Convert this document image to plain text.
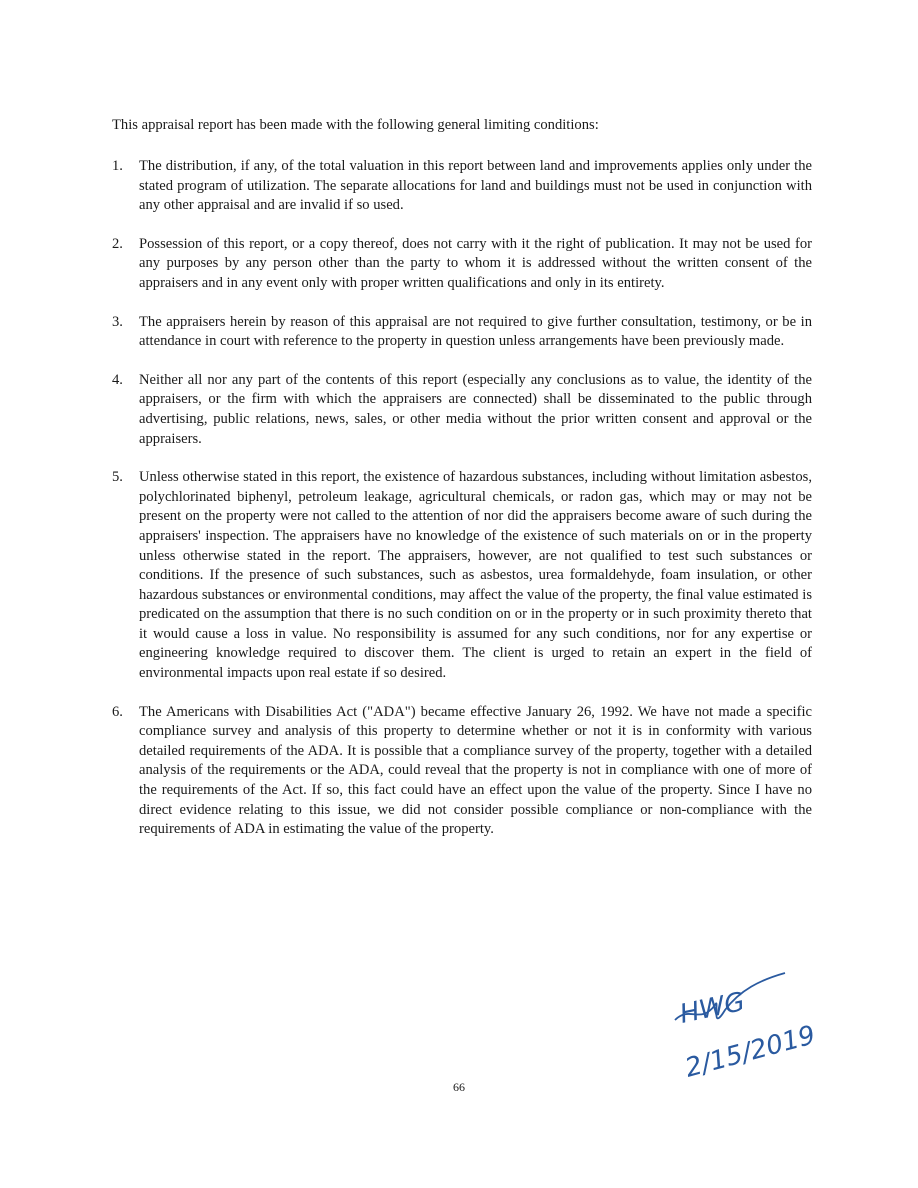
This appraisal report has been made with the following general limiting conditions:
1.	The distribution, if any, of the total valuation in this report between land and improvements applies only under the stated program of utilization. The separate allocations for land and buildings must not be used in conjunction with any other appraisal and are invalid if so used.
2.	Possession of this report, or a copy thereof, does not carry with it the right of publication. It may not be used for any purposes by any person other than the party to whom it is addressed without the written consent of the appraisers and in any event only with proper written qualifications and only in its entirety.
3.	The appraisers herein by reason of this appraisal are not required to give further consultation, testimony, or be in attendance in court with reference to the property in question unless arrangements have been previously made.
4.	Neither all nor any part of the contents of this report (especially any conclusions as to value, the identity of the appraisers, or the firm with which the appraisers are connected) shall be disseminated to the public through advertising, public relations, news, sales, or other media without the prior written consent and approval or the appraisers.
5.	Unless otherwise stated in this report, the existence of hazardous substances, including without limitation asbestos, polychlorinated biphenyl, petroleum leakage, agricultural chemicals, or radon gas, which may or may not be present on the property were not called to the attention of nor did the appraisers become aware of such during the appraisers' inspection. The appraisers have no knowledge of the existence of such materials on or in the property unless otherwise stated in the report. The appraisers, however, are not qualified to test such substances or conditions. If the presence of such substances, such as asbestos, urea formaldehyde, foam insulation, or other hazardous substances or environmental conditions, may affect the value of the property, the final value estimated is predicated on the assumption that there is no such condition on or in the property or in such proximity thereto that it would cause a loss in value. No responsibility is assumed for any such conditions, nor for any expertise or engineering knowledge required to discover them. The client is urged to retain an expert in the field of environmental impacts upon real estate if so desired.
6.	The Americans with Disabilities Act ("ADA") became effective January 26, 1992. We have not made a specific compliance survey and analysis of this property to determine whether or not it is in conformity with various detailed requirements of the ADA. It is possible that a compliance survey of the property, together with a detailed analysis of the requirements or the ADA, could reveal that the property is not in compliance with one of more of the requirements of the Act. If so, this fact could have an effect upon the value of the property. Since I have no direct evidence relating to this issue, we did not consider possible compliance or non-compliance with the requirements of ADA in estimating the value of the property.
HWG
2/15/2019
66
